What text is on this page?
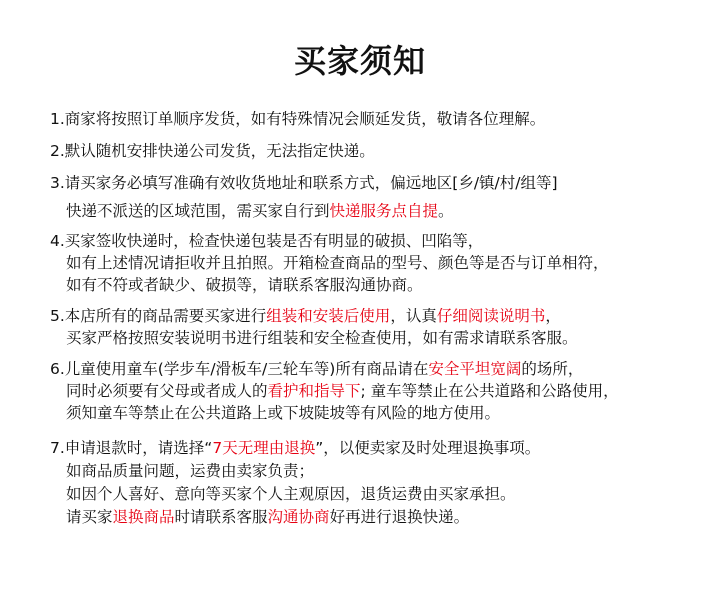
买家须知
1.商家将按照订单顺序发货，如有特殊情况会顺延发货，敬请各位理解。
2.默认随机安排快递公司发货，无法指定快递。
3.请买家务必填写准确有效收货地址和联系方式，偏远地区[乡/镇/村/组等]
快递不派送的区域范围，需买家自行到快递服务点自提。
4.买家签收快递时，检查快递包装是否有明显的破损、凹陷等，
如有上述情况请拒收并且拍照。开箱检查商品的型号、颜色等是否与订单相符，
如有不符或者缺少、破损等，请联系客服沟通协商。
5.本店所有的商品需要买家进行组装和安装后使用，认真仔细阅读说明书，
买家严格按照安装说明书进行组装和安全检查使用，如有需求请联系客服。
6.儿童使用童车(学步车/滑板车/三轮车等)所有商品请在安全平坦宽阔的场所，
同时必须要有父母或者成人的看护和指导下; 童车等禁止在公共道路和公路使用，
须知童车等禁止在公共道路上或下坡陡坡等有风险的地方使用。
7.申请退款时，请选择“7天无理由退换”，以便卖家及时处理退换事项。
如商品质量问题，运费由卖家负责；
如因个人喜好、意向等买家个人主观原因，退货运费由买家承担。
请买家退换商品时请联系客服沟通协商好再进行退换快递。
